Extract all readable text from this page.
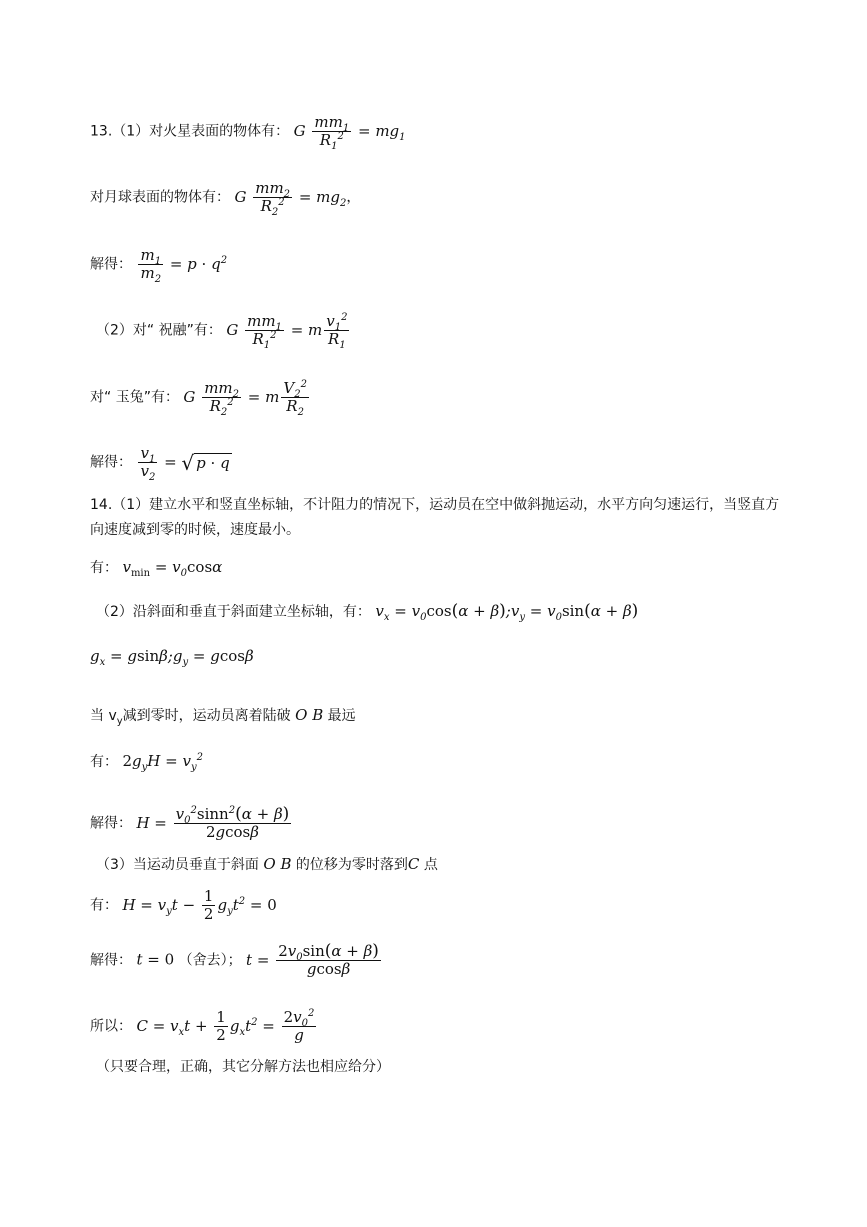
13.（1）对火星表面的物体有： G $\frac{mm_1}{R_1^2} = mg_1$
对月球表面的物体有： G $\frac{mm_2}{R_2^2} = mg_2$，
解得： $\frac{m_1}{m_2} = p \cdot q^2$
（2）对“ 祝融”有： G $\frac{mm_1}{R_1^2} = m \frac{v_1^2}{R_1}$
对“ 玉兔”有： G $\frac{mm_2}{R_2^2} = m \frac{V_2^2}{R_2}$
解得： $\frac{v_1}{v_2}$ = √ p · q
14.（1）建立水平和竖直坐标轴，不计阻力的情况下，运动员在空中做斜抛运动，水平方向匀速运行，当竖直方向速度减到零的时候，速度最小。
有： $v_{min} = v_0\cos\alpha$
（2）沿斜面和垂直于斜面建立坐标轴，有： $v_x = v_0\cos(\alpha$ + $\beta);v_y = v_0\sin(\alpha + \beta)$
$g_x$ = $gsin\beta;g_y = gcos\beta$
当 $v_y$减到零时，运动员离着陆破 O B 最远
有： $2g_yH = v_y^2$
解得： $H = \frac{v_0^2\sin n^2(\alpha + \beta)}{2gcos\beta}$
（3）当运动员垂直于斜面 O B 的位移为零时落到C 点
有： $H = v_yt - \frac{1}{2} g_yt^2 = 0$
解得： t = 0 （舍去）； $t = \frac{2v_0\sin(\alpha + \beta)}{gcos\beta}$
所以： $C = v_xt + \frac{1}{2} g_xt^2 = \frac{2v_0^2}{g}$
（只要合理，正确，其它分解方法也相应给分）
